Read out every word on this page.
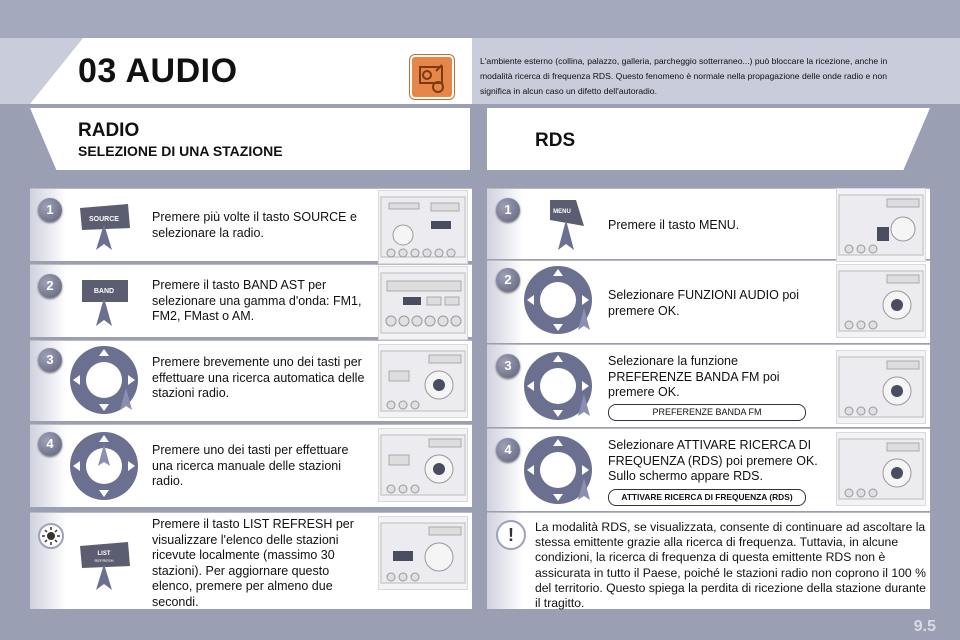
03 AUDIO	L'ambiente esterno (collina, palazzo, galleria, parcheggio sotterraneo...) può bloccare la ricezione, anche in modalità ricerca di frequenza RDS. Questo fenomeno è normale nella propagazione delle onde radio e non significa in alcun caso un difetto dell'autoradio.
RADIO
SELEZIONE DI UNA STAZIONE	RDS
1
2
3
4
1
2
3
4
!
SOURCE
BAND
LIST
REFRESH
MENU
Premere più volte il tasto SOURCE e selezionare la radio.
Premere il tasto BAND AST per selezionare una gamma d'onda: FM1, FM2, FMast o AM.
Premere brevemente uno dei tasti per effettuare una ricerca automatica delle stazioni radio.
Premere uno dei tasti per effettuare una ricerca manuale delle stazioni radio.
Premere il tasto LIST REFRESH per visualizzare l'elenco delle stazioni ricevute localmente (massimo 30 stazioni). Per aggiornare questo elenco, premere per almeno due secondi.
Premere il tasto MENU.
Selezionare FUNZIONI AUDIO poi premere OK.
Selezionare la funzione PREFERENZE BANDA FM poi premere OK.
Selezionare ATTIVARE RICERCA DI FREQUENZA (RDS) poi premere OK. Sullo schermo appare RDS.
PREFERENZE BANDA FM
ATTIVARE RICERCA DI FREQUENZA (RDS)
La modalità RDS, se visualizzata, consente di continuare ad ascoltare la stessa emittente grazie alla ricerca di frequenza. Tuttavia, in alcune condizioni, la ricerca di frequenza di questa emittente RDS non è assicurata in tutto il Paese, poiché le stazioni radio non coprono il 100 % del territorio. Questo spiega la perdita di ricezione della stazione durante il tragitto.
9.5
